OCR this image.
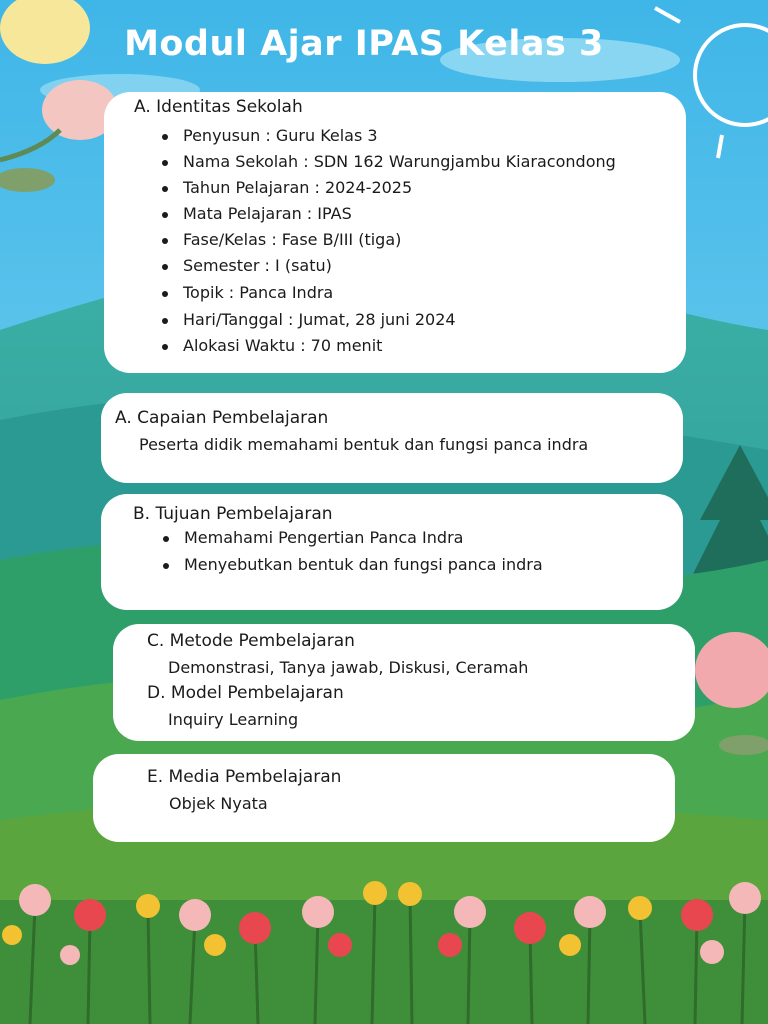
Modul Ajar IPAS Kelas 3
A. Identitas Sekolah
Penyusun : Guru Kelas 3
Nama Sekolah : SDN 162 Warungjambu Kiaracondong
Tahun Pelajaran : 2024-2025
Mata Pelajaran : IPAS
Fase/Kelas : Fase B/III (tiga)
Semester : I (satu)
Topik : Panca Indra
Hari/Tanggal : Jumat, 28 juni 2024
Alokasi Waktu : 70 menit
A. Capaian Pembelajaran
Peserta didik memahami bentuk dan fungsi panca indra
B. Tujuan Pembelajaran
Memahami Pengertian Panca Indra
Menyebutkan bentuk dan fungsi panca indra
C. Metode Pembelajaran
Demonstrasi, Tanya jawab, Diskusi, Ceramah
D. Model Pembelajaran
Inquiry Learning
E. Media Pembelajaran
Objek Nyata
